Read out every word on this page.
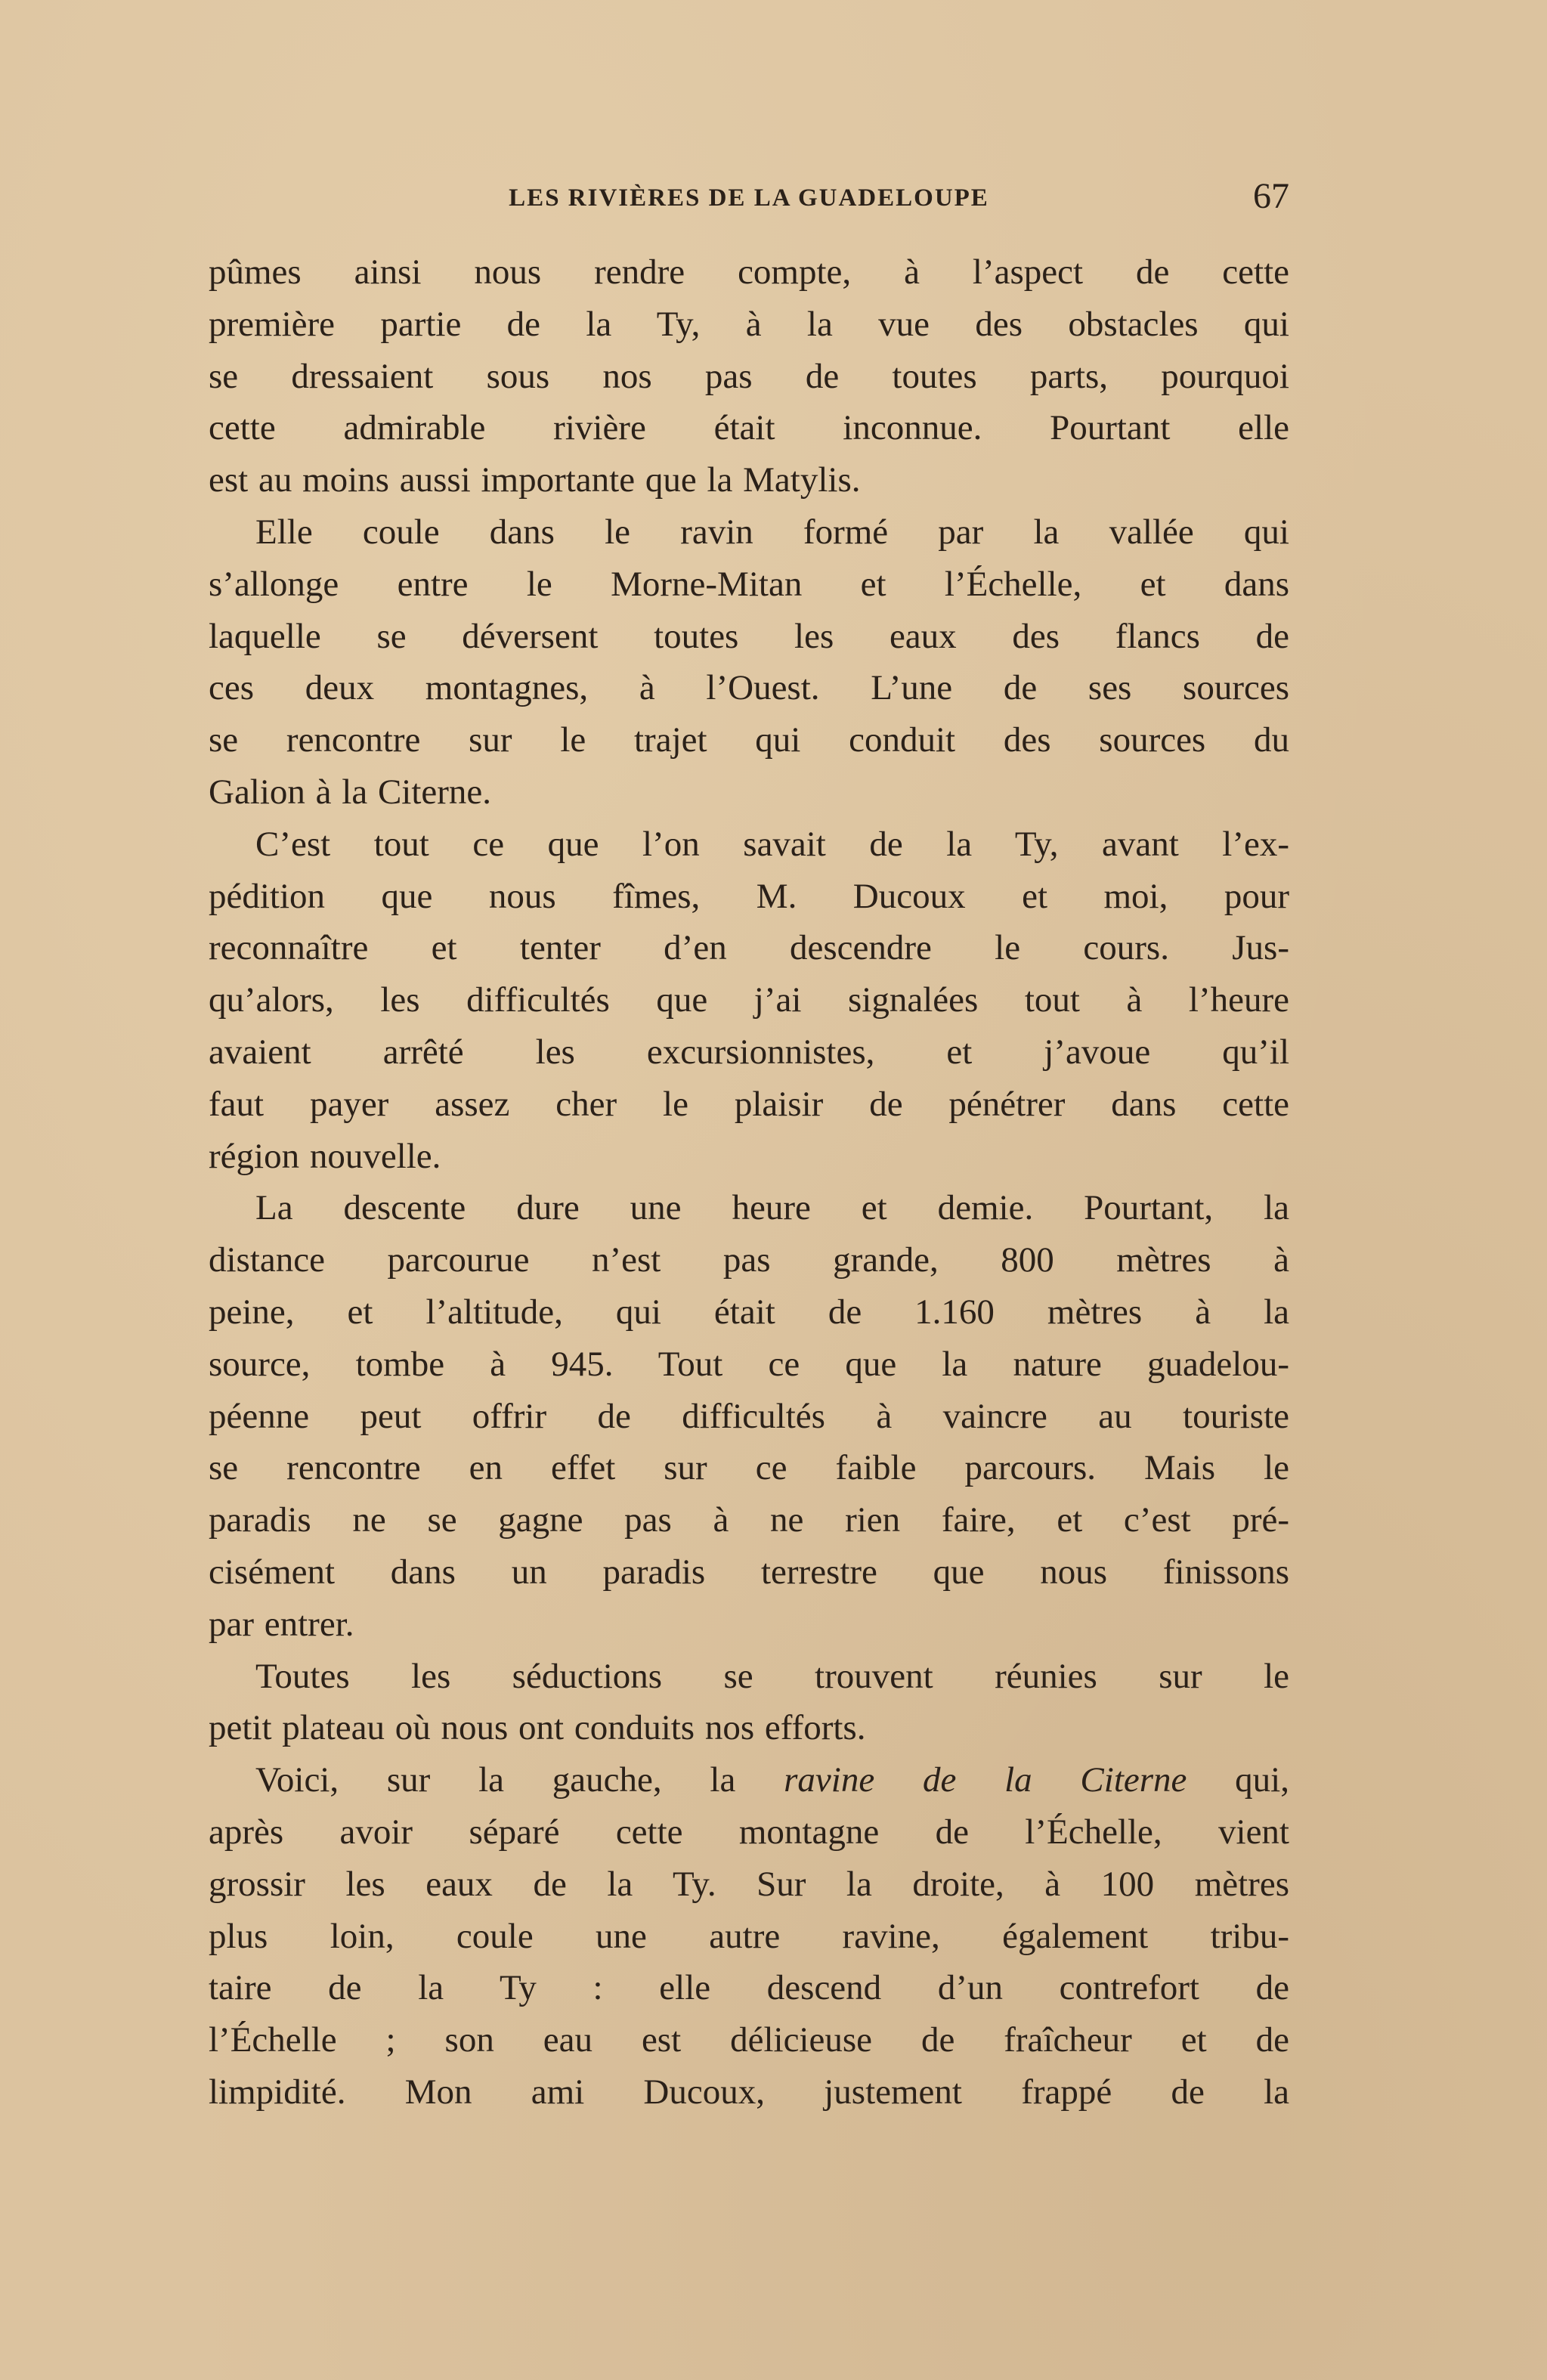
LES RIVIÈRES DE LA GUADELOUPE	67
pûmes ainsi nous rendre compte, à l’aspect de cette
première partie de la Ty, à la vue des obstacles qui
se dressaient sous nos pas de toutes parts, pourquoi
cette admirable rivière était inconnue. Pourtant elle
est au moins aussi importante que la Matylis.
Elle coule dans le ravin formé par la vallée qui
s’allonge entre le Morne-Mitan et l’Échelle, et dans
laquelle se déversent toutes les eaux des flancs de
ces deux montagnes, à l’Ouest. L’une de ses sources
se rencontre sur le trajet qui conduit des sources du
Galion à la Citerne.
C’est tout ce que l’on savait de la Ty, avant l’ex-
pédition que nous fîmes, M. Ducoux et moi, pour
reconnaître et tenter d’en descendre le cours. Jus-
qu’alors, les difficultés que j’ai signalées tout à l’heure
avaient arrêté les excursionnistes, et j’avoue qu’il
faut payer assez cher le plaisir de pénétrer dans cette
région nouvelle.
La descente dure une heure et demie. Pourtant, la
distance parcourue n’est pas grande, 800 mètres à
peine, et l’altitude, qui était de 1.160 mètres à la
source, tombe à 945. Tout ce que la nature guadelou-
péenne peut offrir de difficultés à vaincre au touriste
se rencontre en effet sur ce faible parcours. Mais le
paradis ne se gagne pas à ne rien faire, et c’est pré-
cisément dans un paradis terrestre que nous finissons
par entrer.
Toutes les séductions se trouvent réunies sur le
petit plateau où nous ont conduits nos efforts.
Voici, sur la gauche, la ravine de la Citerne qui,
après avoir séparé cette montagne de l’Échelle, vient
grossir les eaux de la Ty. Sur la droite, à 100 mètres
plus loin, coule une autre ravine, également tribu-
taire de la Ty : elle descend d’un contrefort de
l’Échelle ; son eau est délicieuse de fraîcheur et de
limpidité. Mon ami Ducoux, justement frappé de la
